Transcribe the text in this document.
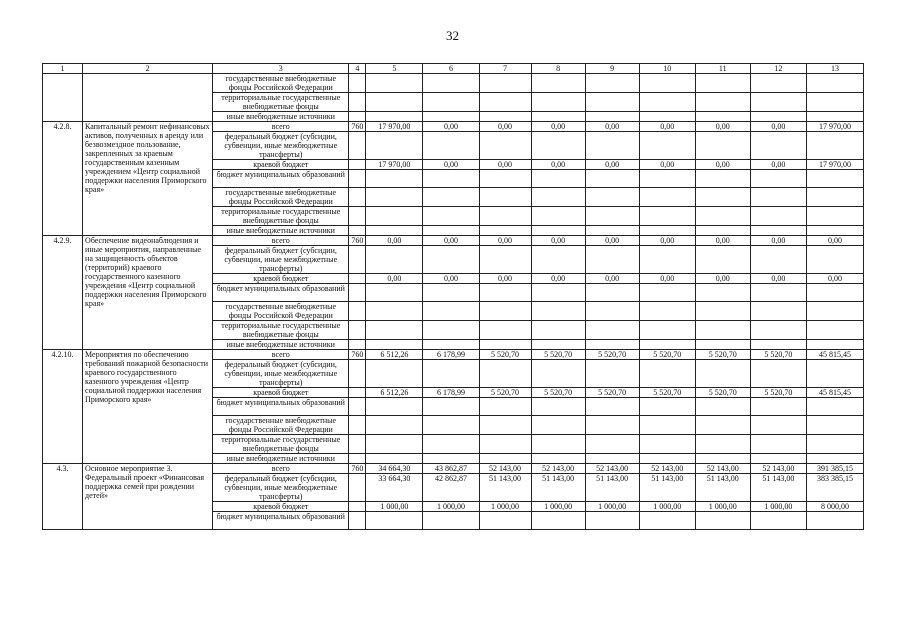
32
1	2	3	4	5	6	7	8	9	10	11	12	13
		государственные внебюджетные фонды Российской Федерации										
		территориальные государственные внебюджетные фонды										
		иные внебюджетные источники										
4.2.8.	Капитальный ремонт нефинансовых активов, полученных в аренду или безвозмездное пользование, закрепленных за краевым государственным казенным учреждением «Центр социальной поддержки населения Приморского края»	всего	760	17 970,00	0,00	0,00	0,00	0,00	0,00	0,00	0,00	17 970,00
		федеральный бюджет (субсидии, субвенции, иные межбюджетные трансферты)										
		краевой бюджет		17 970,00	0,00	0,00	0,00	0,00	0,00	0,00	0,00	17 970,00
		бюджет муниципальных образований										
		государственные внебюджетные фонды Российской Федерации										
		территориальные государственные внебюджетные фонды										
		иные внебюджетные источники										
4.2.9.	Обеспечение видеонаблюдения и иные мероприятия, направленные на защищенность объектов (территорий) краевого государственного казенного учреждения «Центр социальной поддержки населения Приморского края»	всего	760	0,00	0,00	0,00	0,00	0,00	0,00	0,00	0,00	0,00
		федеральный бюджет (субсидии, субвенции, иные межбюджетные трансферты)										
		краевой бюджет		0,00	0,00	0,00	0,00	0,00	0,00	0,00	0,00	0,00
		бюджет муниципальных образований										
		государственные внебюджетные фонды Российской Федерации										
		территориальные государственные внебюджетные фонды										
		иные внебюджетные источники										
4.2.10.	Мероприятия по обеспечению требований пожарной безопасности краевого государственного казенного учреждения «Центр социальной поддержки населения Приморского края»	всего	760	6 512,26	6 178,99	5 520,70	5 520,70	5 520,70	5 520,70	5 520,70	5 520,70	45 815,45
		федеральный бюджет (субсидии, субвенции, иные межбюджетные трансферты)										
		краевой бюджет		6 512,26	6 178,99	5 520,70	5 520,70	5 520,70	5 520,70	5 520,70	5 520,70	45 815,45
		бюджет муниципальных образований										
		государственные внебюджетные фонды Российской Федерации										
		территориальные государственные внебюджетные фонды										
		иные внебюджетные источники										
4.3.	Основное мероприятие 3. Федеральный проект «Финансовая поддержка семей при рождении детей»	всего	760	34 664,30	43 862,87	52 143,00	52 143,00	52 143,00	52 143,00	52 143,00	52 143,00	391 385,15
		федеральный бюджет (субсидии, субвенции, иные межбюджетные трансферты)		33 664,30	42 862,87	51 143,00	51 143,00	51 143,00	51 143,00	51 143,00	51 143,00	383 385,15
		краевой бюджет		1 000,00	1 000,00	1 000,00	1 000,00	1 000,00	1 000,00	1 000,00	1 000,00	8 000,00
		бюджет муниципальных образований										
